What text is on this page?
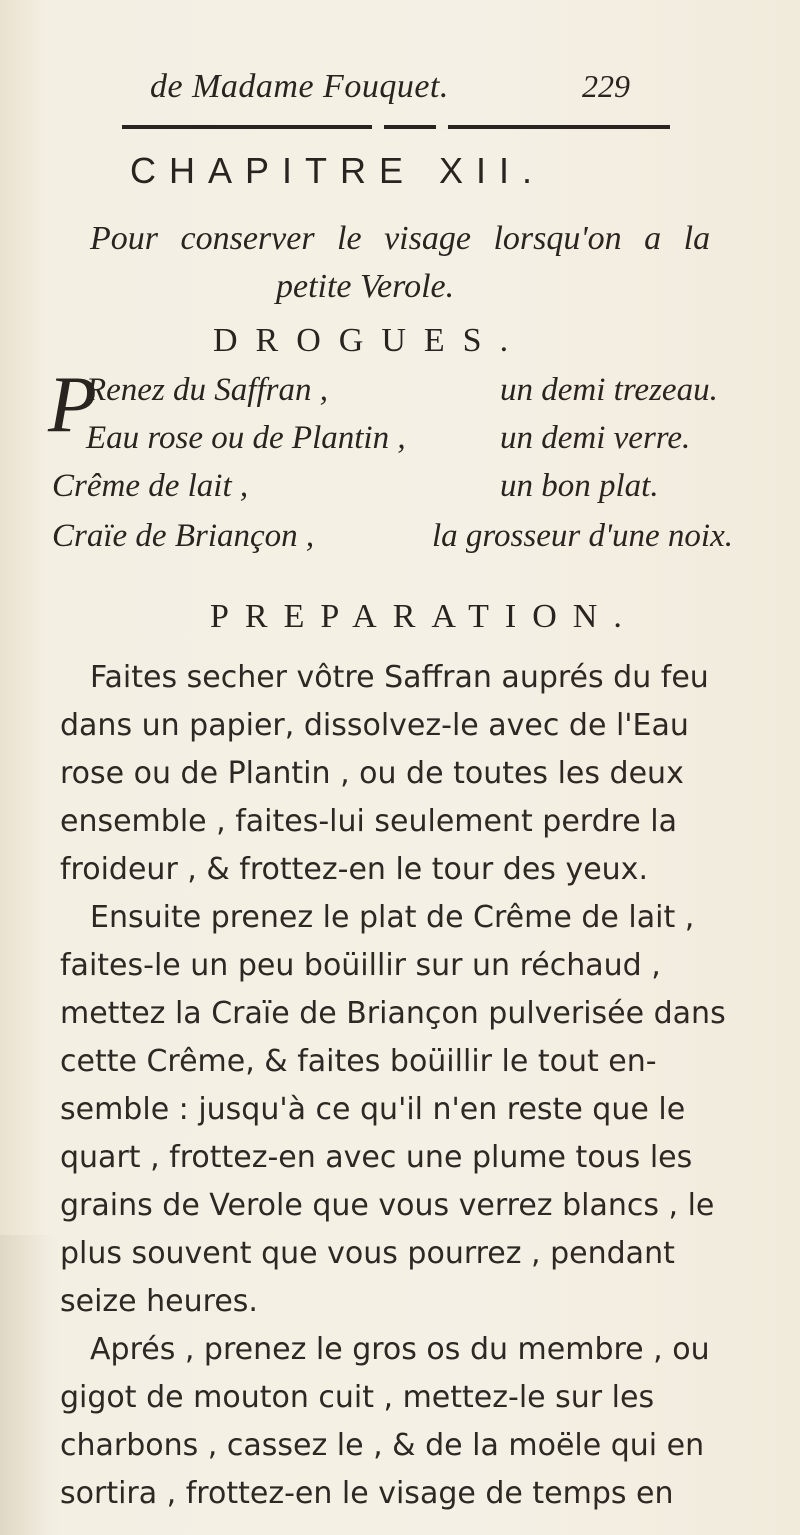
de Madame Fouquet.	229
CHAPITRE XII.
Pour conserver le visage lorsqu'on a la
petite Verole.
DROGUES.
P
Renez du Saffran ,	un demi trezeau.
Eau rose ou de Plantin ,	un demi verre.
Crême de lait ,	un bon plat.
Craïe de Briançon ,	la grosseur d'une noix.
PREPARATION.
Faites secher vôtre Saffran auprés du feu
dans un papier, dissolvez-le avec de l'Eau
rose ou de Plantin , ou de toutes les deux
ensemble , faites-lui seulement perdre la
froideur , & frottez-en le tour des yeux.
Ensuite prenez le plat de Crême de lait ,
faites-le un peu boüillir sur un réchaud ,
mettez la Craïe de Briançon pulverisée dans
cette Crême, & faites boüillir le tout en-
semble : jusqu'à ce qu'il n'en reste que le
quart , frottez-en avec une plume tous les
grains de Verole que vous verrez blancs , le
plus souvent que vous pourrez , pendant
seize heures.
Aprés , prenez le gros os du membre , ou
gigot de mouton cuit , mettez-le sur les
charbons , cassez le , & de la moële qui en
sortira , frottez-en le visage de temps en
